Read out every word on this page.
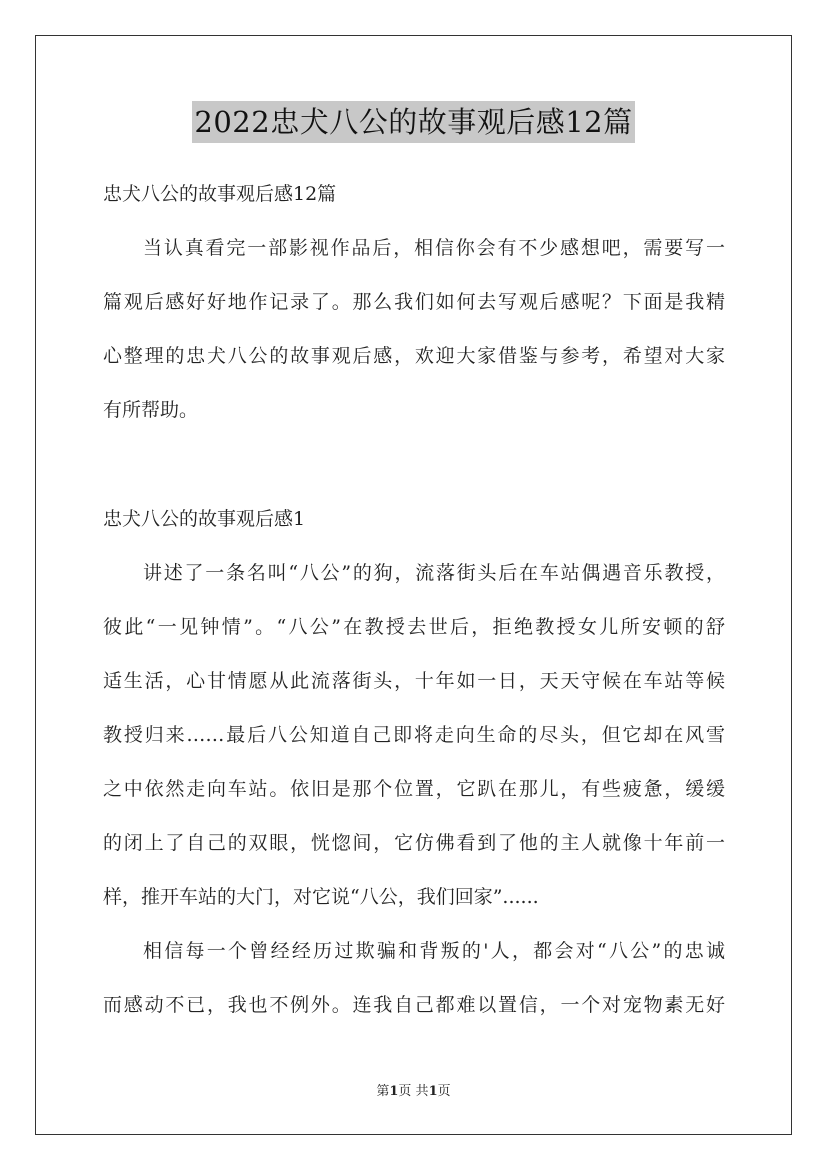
2022忠犬八公的故事观后感12篇
忠犬八公的故事观后感12篇
当认真看完一部影视作品后，相信你会有不少感想吧，需要写一
篇观后感好好地作记录了。那么我们如何去写观后感呢？下面是我精
心整理的忠犬八公的故事观后感，欢迎大家借鉴与参考，希望对大家
有所帮助。
忠犬八公的故事观后感1
讲述了一条名叫“八公”的狗，流落街头后在车站偶遇音乐教授，
彼此“一见钟情”。“八公”在教授去世后，拒绝教授女儿所安顿的舒
适生活，心甘情愿从此流落街头，十年如一日，天天守候在车站等候
教授归来……最后八公知道自己即将走向生命的尽头，但它却在风雪
之中依然走向车站。依旧是那个位置，它趴在那儿，有些疲惫，缓缓
的闭上了自己的双眼，恍惚间，它仿佛看到了他的主人就像十年前一
样，推开车站的大门，对它说“八公，我们回家”......
相信每一个曾经经历过欺骗和背叛的'人，都会对“八公”的忠诚
而感动不已，我也不例外。连我自己都难以置信，一个对宠物素无好
第1页 共1页
